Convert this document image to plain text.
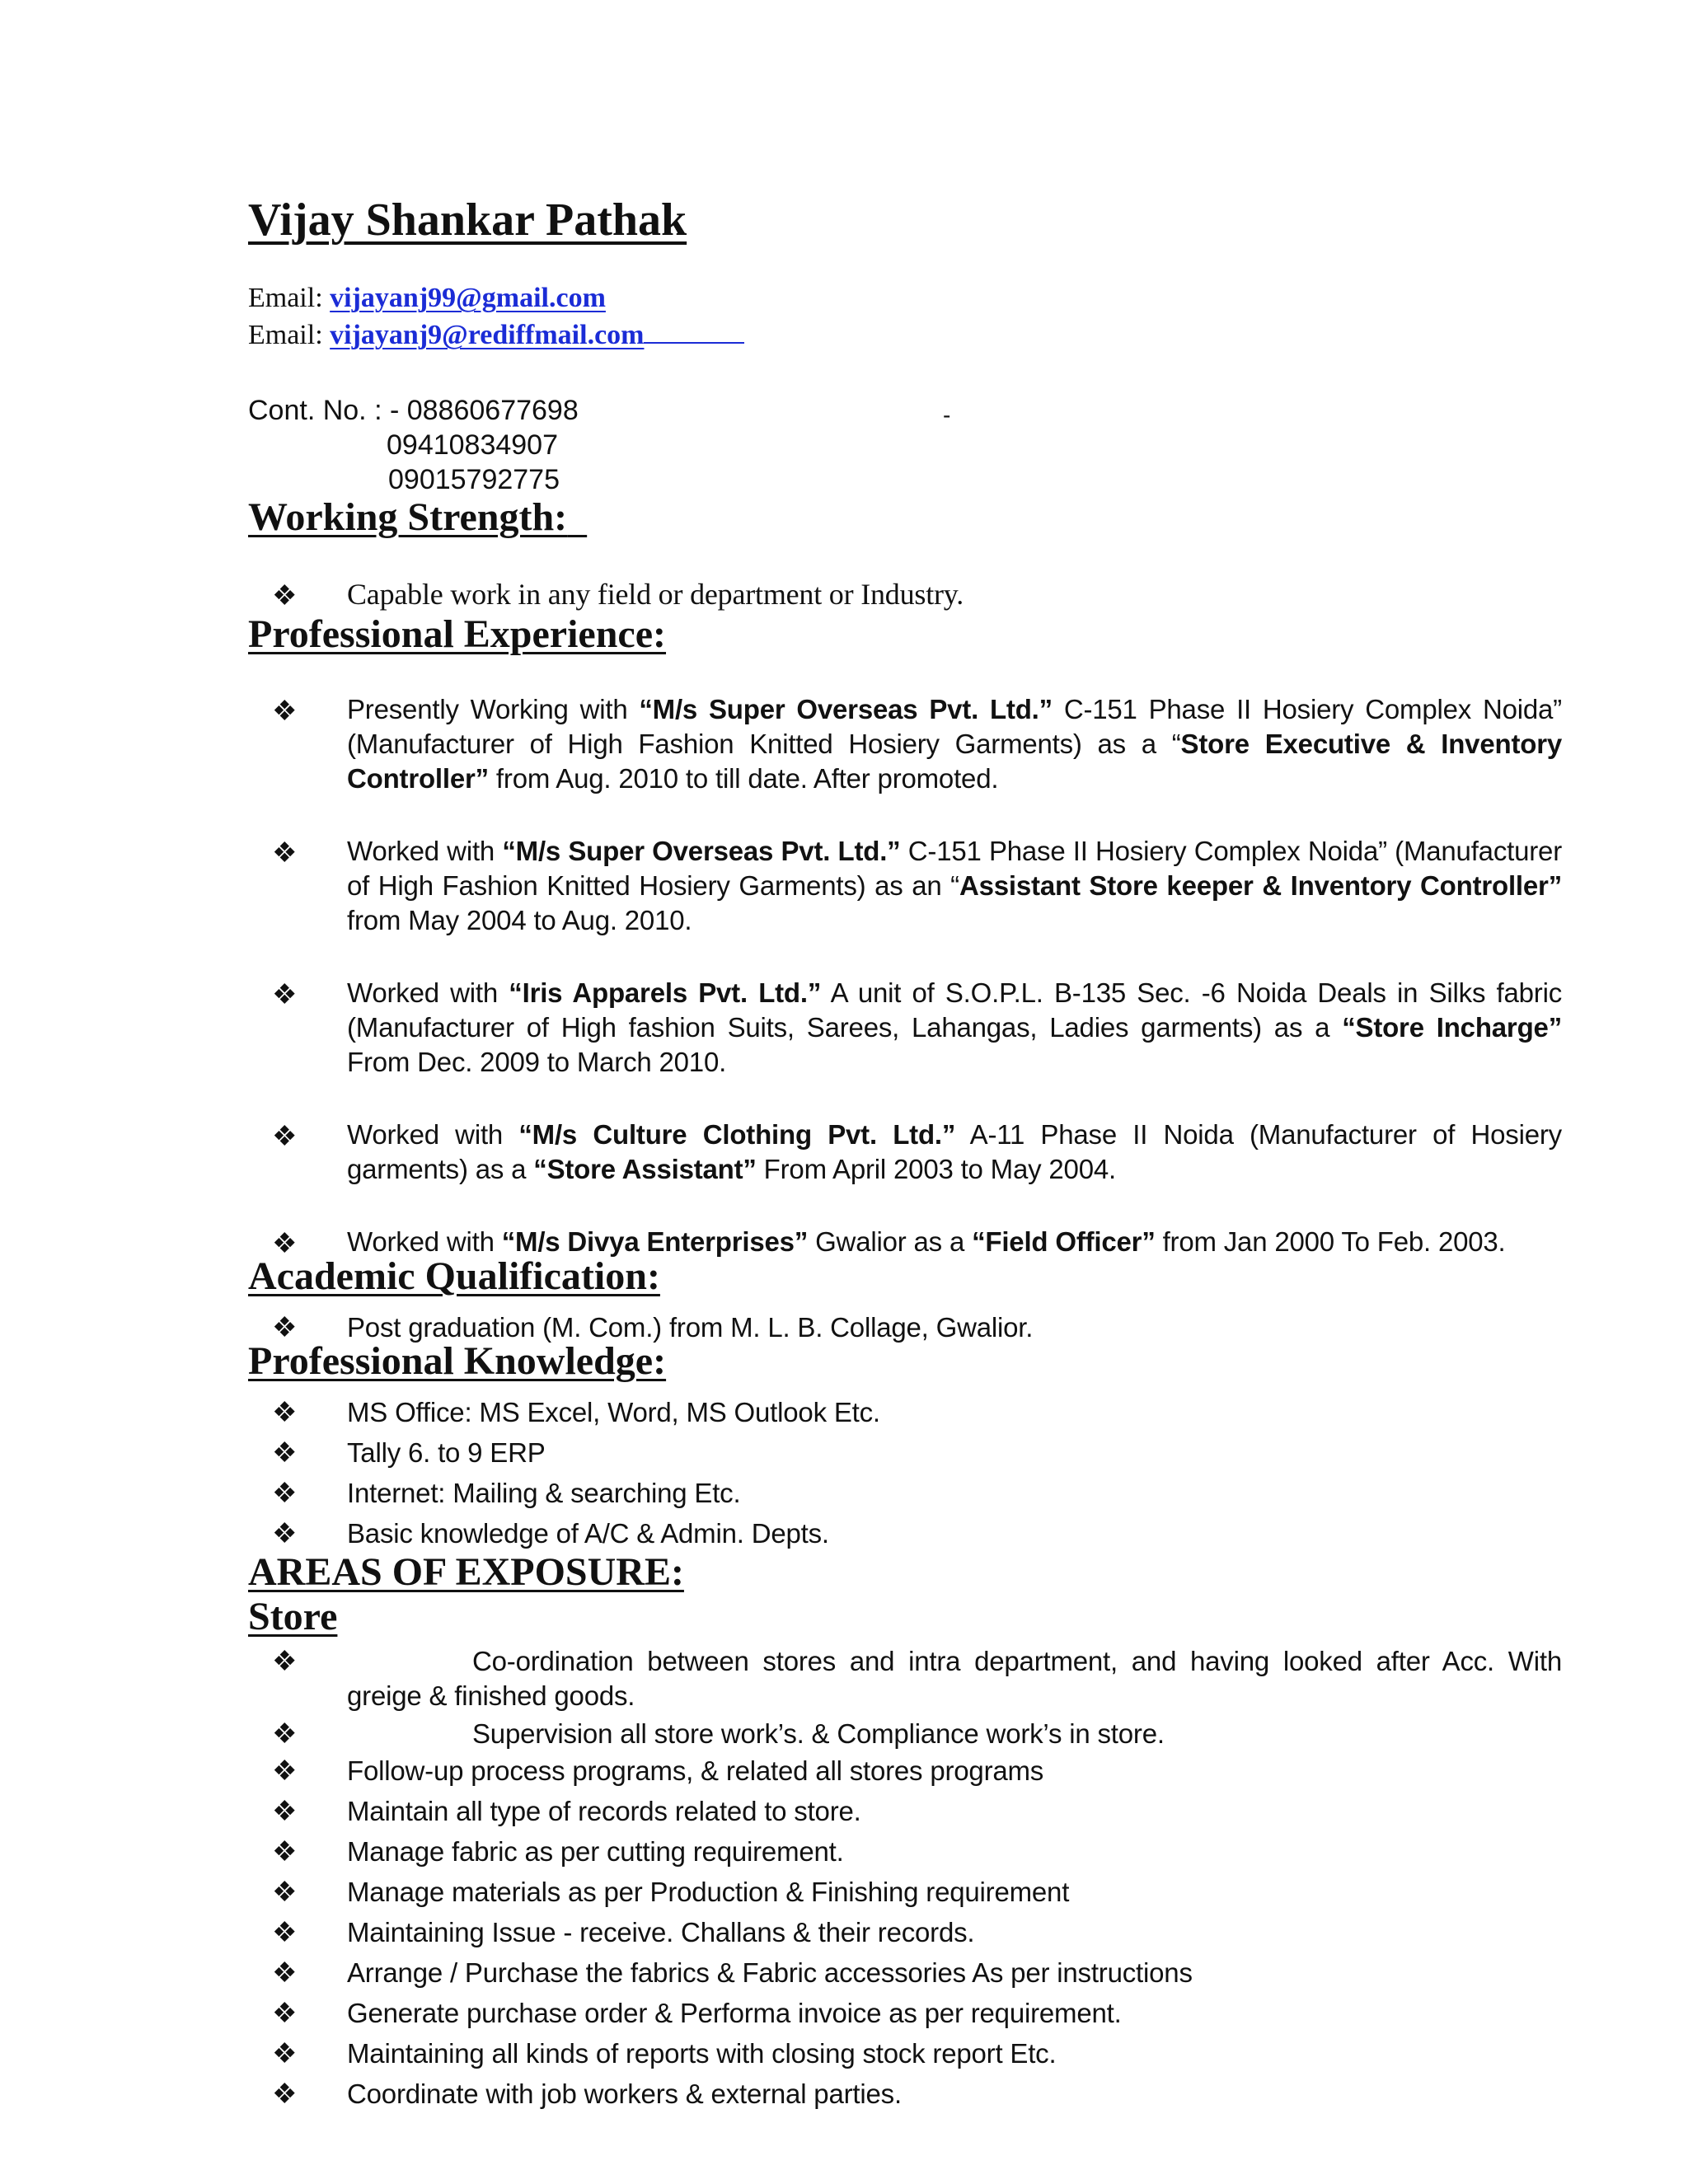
Vijay Shankar Pathak
Email: vijayanj99@gmail.com
Email: vijayanj9@rediffmail.com
Cont. No. : - 08860677698
09410834907
09015792775
-
Working Strength:
❖ Capable work in any field or department or Industry.
Professional Experience:
❖ Presently Working with “M/s Super Overseas Pvt. Ltd.” C-151 Phase II Hosiery Complex Noida” (Manufacturer of High Fashion Knitted Hosiery Garments) as a “Store Executive & Inventory Controller” from Aug. 2010 to till date. After promoted.
❖ Worked with “M/s Super Overseas Pvt. Ltd.” C-151 Phase II Hosiery Complex Noida” (Manufacturer of High Fashion Knitted Hosiery Garments) as an “Assistant Store keeper & Inventory Controller” from May 2004 to Aug. 2010.
❖ Worked with “Iris Apparels Pvt. Ltd.” A unit of S.O.P.L. B-135 Sec. -6 Noida Deals in Silks fabric (Manufacturer of High fashion Suits, Sarees, Lahangas, Ladies garments) as a “Store Incharge” From Dec. 2009 to March 2010.
❖ Worked with “M/s Culture Clothing Pvt. Ltd.” A-11 Phase II Noida (Manufacturer of Hosiery garments) as a “Store Assistant” From April 2003 to May 2004.
❖ Worked with “M/s Divya Enterprises” Gwalior as a “Field Officer” from Jan 2000 To Feb. 2003.
Academic Qualification:
❖ Post graduation (M. Com.) from M. L. B. Collage, Gwalior.
Professional Knowledge:
❖ MS Office: MS Excel, Word, MS Outlook Etc.
❖ Tally 6. to 9 ERP
❖ Internet: Mailing & searching Etc.
❖ Basic knowledge of A/C & Admin. Depts.
AREAS OF EXPOSURE:
Store
❖	Co-ordination between stores and intra department, and having looked after Acc. With greige & finished goods.
❖	Supervision all store work’s. & Compliance work’s in store.
❖ Follow-up process programs, & related all stores programs
❖ Maintain all type of records related to store.
❖ Manage fabric as per cutting requirement.
❖ Manage materials as per Production & Finishing requirement
❖ Maintaining Issue - receive. Challans & their records.
❖ Arrange / Purchase the fabrics & Fabric accessories As per instructions
❖ Generate purchase order & Performa invoice as per requirement.
❖ Maintaining all kinds of reports with closing stock report Etc.
❖ Coordinate with job workers & external parties.
